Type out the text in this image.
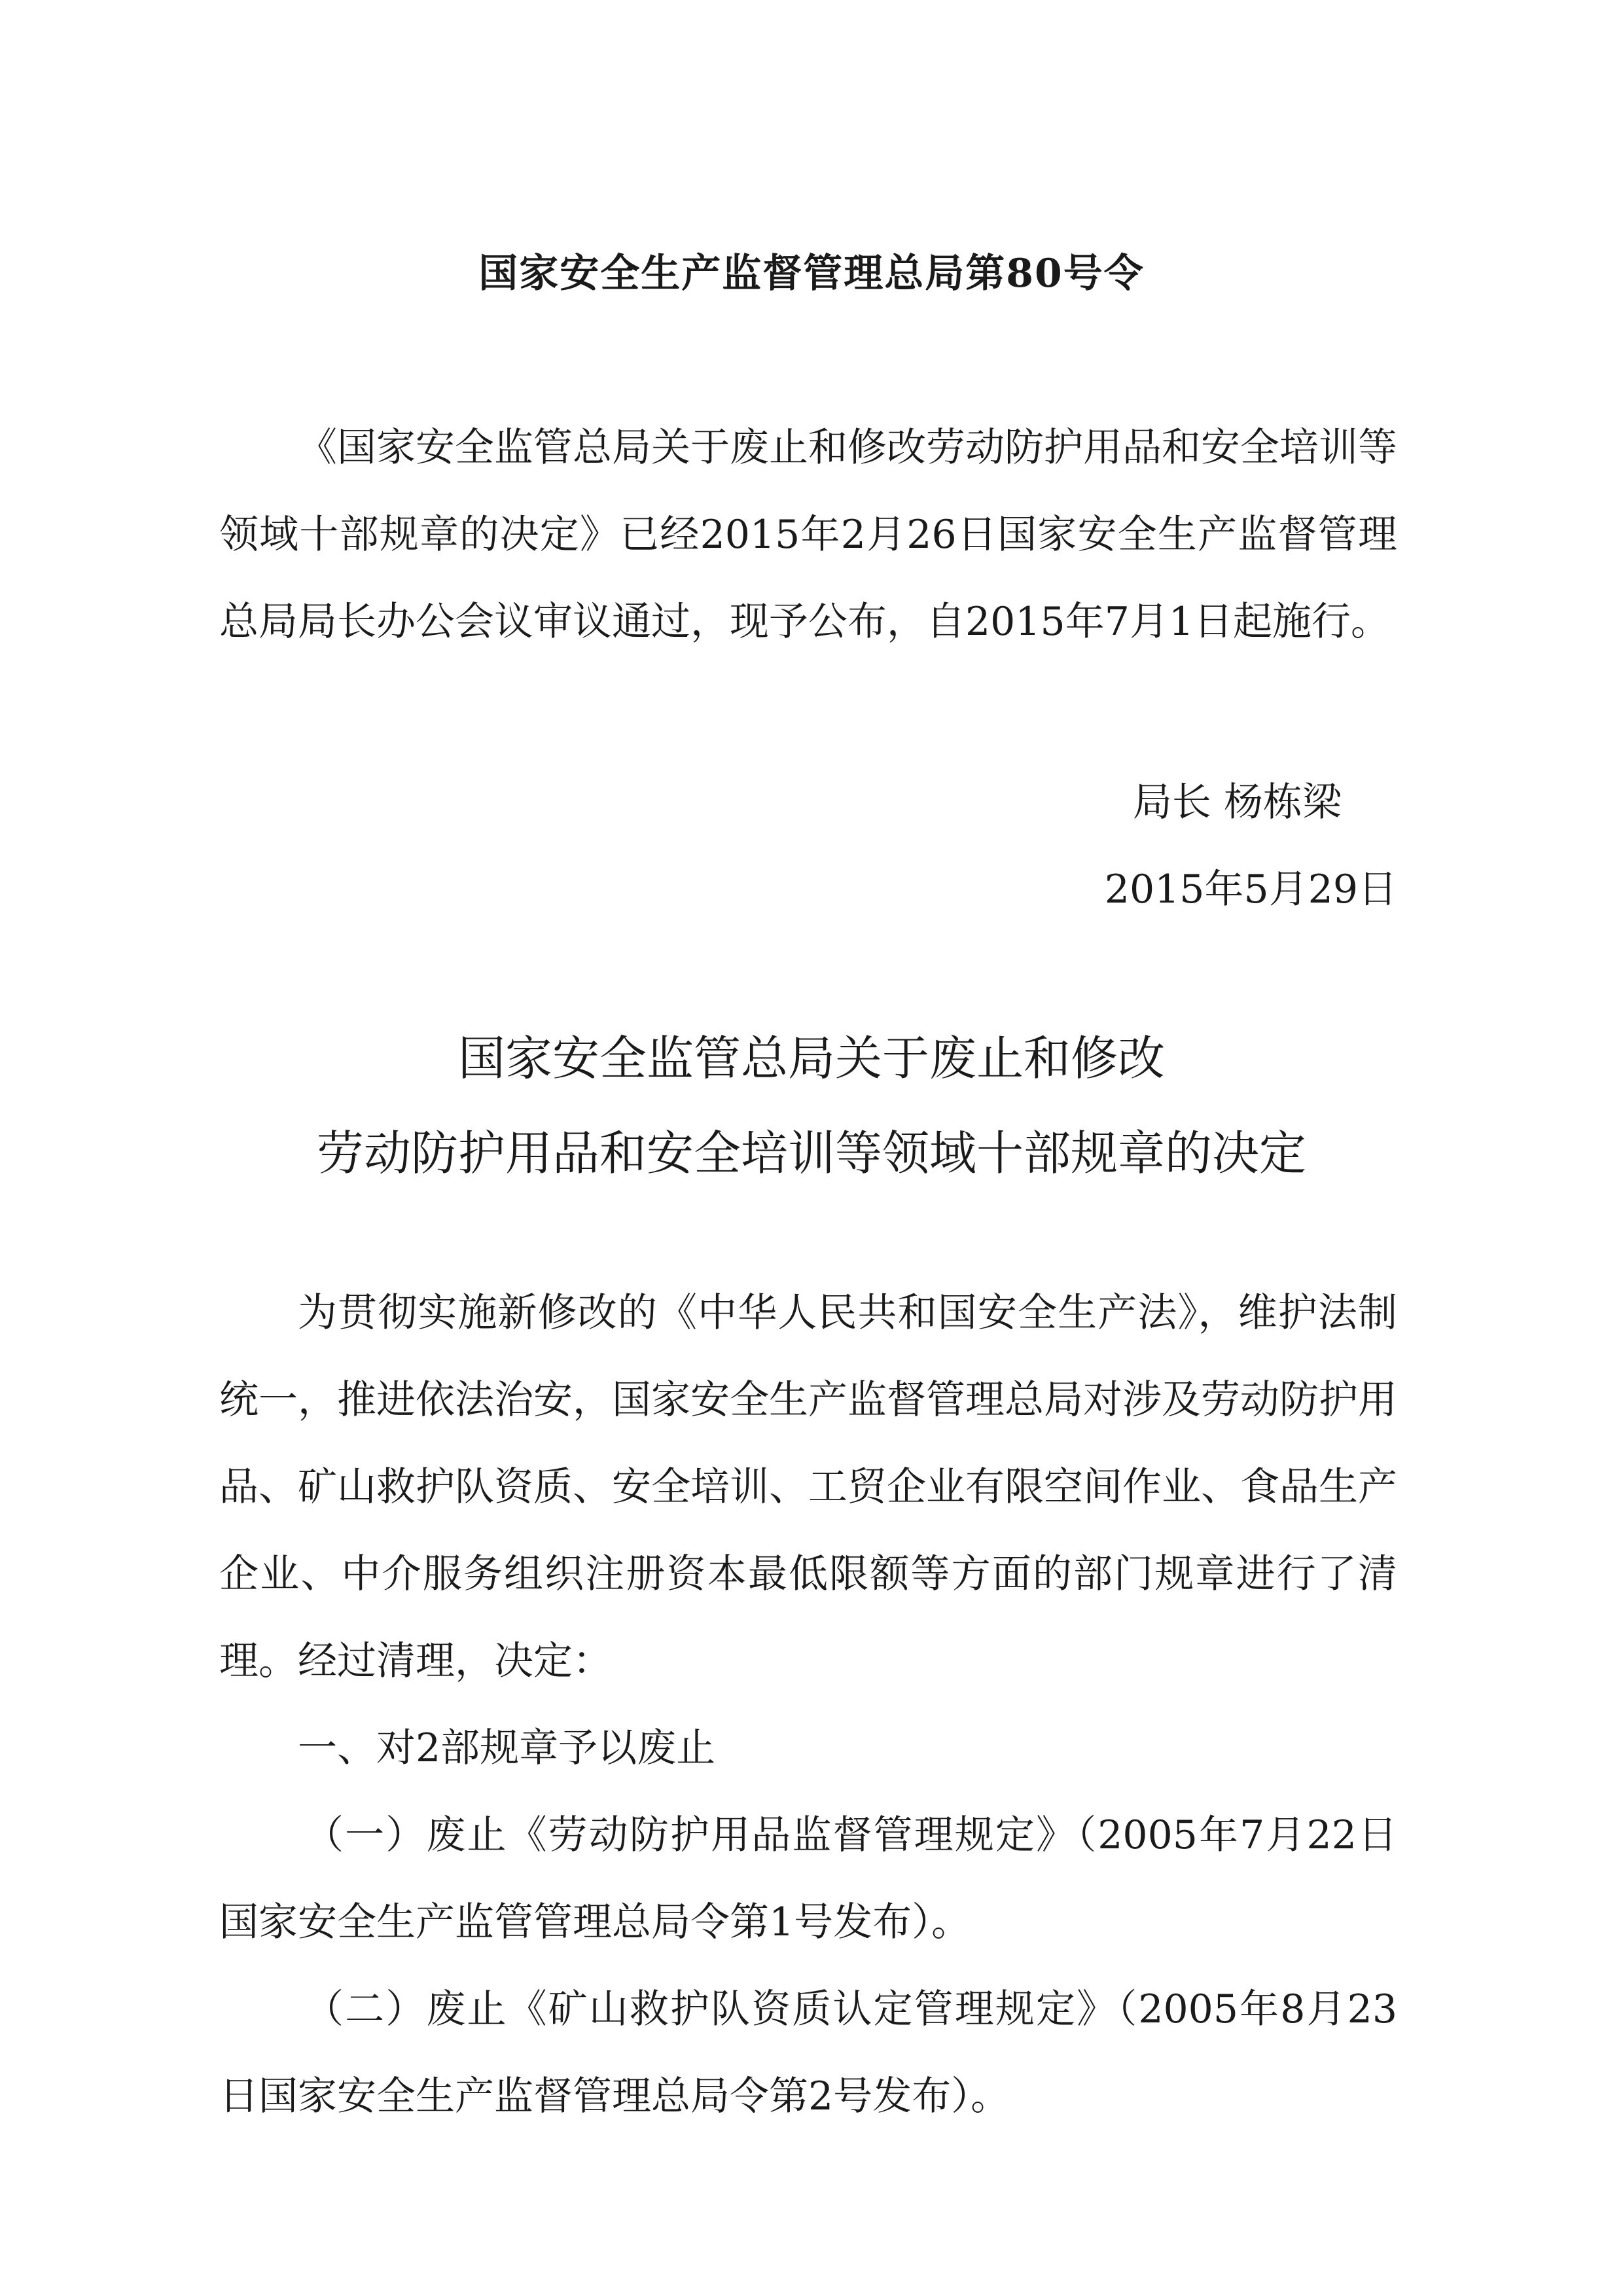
国家安全生产监督管理总局第80号令

《国家安全监管总局关于废止和修改劳动防护用品和安全培训等领域十部规章的决定》已经2015年2月26日国家安全生产监督管理总局局长办公会议审议通过，现予公布，自2015年7月1日起施行。

局长 杨栋梁
2015年5月29日
国家安全监管总局关于废止和修改
劳动防护用品和安全培训等领域十部规章的决定

为贯彻实施新修改的《中华人民共和国安全生产法》，维护法制统一，推进依法治安，国家安全生产监督管理总局对涉及劳动防护用品、矿山救护队资质、安全培训、工贸企业有限空间作业、食品生产企业、中介服务组织注册资本最低限额等方面的部门规章进行了清理。经过清理，决定：

一、对2部规章予以废止

（一）废止《劳动防护用品监督管理规定》（2005年7月22日国家安全生产监管管理总局令第1号发布）。

（二）废止《矿山救护队资质认定管理规定》（2005年8月23日国家安全生产监督管理总局令第2号发布）。
